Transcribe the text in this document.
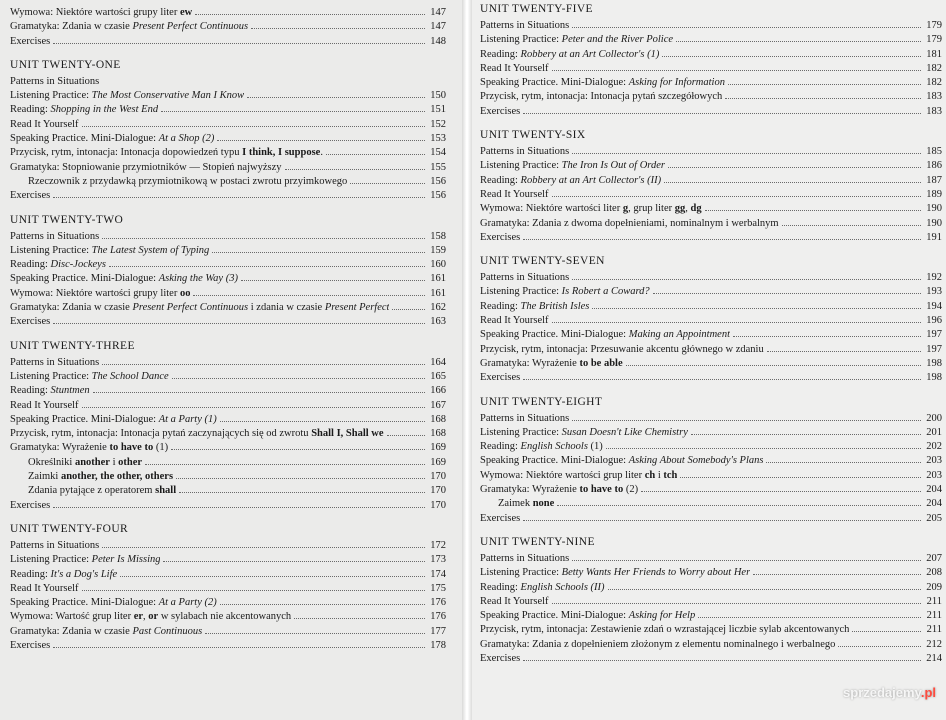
Wymowa: Niektóre wartości grupy liter ew	147
Gramatyka: Zdania w czasie Present Perfect Continuous	147
Exercises	148
UNIT TWENTY-ONE
Patterns in Situations
Listening Practice: The Most Conservative Man I Know	150
Reading: Shopping in the West End	151
Read It Yourself	152
Speaking Practice. Mini-Dialogue: At a Shop (2)	153
Przycisk, rytm, intonacja: Intonacja dopowiedzeń typu I think, I suppose.	154
Gramatyka: Stopniowanie przymiotników — Stopień najwyższy	155
Rzeczownik z przydawką przymiotnikową w postaci zwrotu przyimkowego	156
Exercises	156
UNIT TWENTY-TWO
Patterns in Situations	158
Listening Practice: The Latest System of Typing	159
Reading: Disc-Jockeys	160
Speaking Practice. Mini-Dialogue: Asking the Way (3)	161
Wymowa: Niektóre wartości grupy liter oo	161
Gramatyka: Zdania w czasie Present Perfect Continuous i zdania w czasie Present Perfect	162
Exercises	163
UNIT TWENTY-THREE
Patterns in Situations	164
Listening Practice: The School Dance	165
Reading: Stuntmen	166
Read It Yourself	167
Speaking Practice. Mini-Dialogue: At a Party (1)	168
Przycisk, rytm, intonacja: Intonacja pytań zaczynających się od zwrotu Shall I, Shall we	168
Gramatyka: Wyrażenie to have to (1)	169
Określniki another i other	169
Zaimki another, the other, others	170
Zdania pytające z operatorem shall	170
Exercises	170
UNIT TWENTY-FOUR
Patterns in Situations	172
Listening Practice: Peter Is Missing	173
Reading: It's a Dog's Life	174
Read It Yourself	175
Speaking Practice. Mini-Dialogue: At a Party (2)	176
Wymowa: Wartość grup liter er, or w sylabach nie akcentowanych	176
Gramatyka: Zdania w czasie Past Continuous	177
Exercises	178
UNIT TWENTY-FIVE
Patterns in Situations	179
Listening Practice: Peter and the River Police	179
Reading: Robbery at an Art Collector's (1)	181
Read It Yourself	182
Speaking Practice. Mini-Dialogue: Asking for Information	182
Przycisk, rytm, intonacja: Intonacja pytań szczegółowych	183
Exercises	183
UNIT TWENTY-SIX
Patterns in Situations	185
Listening Practice: The Iron Is Out of Order	186
Reading: Robbery at an Art Collector's (II)	187
Read It Yourself	189
Wymowa: Niektóre wartości liter g, grup liter gg, dg	190
Gramatyka: Zdania z dwoma dopełnieniami, nominalnym i werbalnym	190
Exercises	191
UNIT TWENTY-SEVEN
Patterns in Situations	192
Listening Practice: Is Robert a Coward?	193
Reading: The British Isles	194
Read It Yourself	196
Speaking Practice. Mini-Dialogue: Making an Appointment	197
Przycisk, rytm, intonacja: Przesuwanie akcentu głównego w zdaniu	197
Gramatyka: Wyrażenie to be able	198
Exercises	198
UNIT TWENTY-EIGHT
Patterns in Situations	200
Listening Practice: Susan Doesn't Like Chemistry	201
Reading: English Schools (1)	202
Speaking Practice. Mini-Dialogue: Asking About Somebody's Plans	203
Wymowa: Niektóre wartości grup liter ch i tch	203
Gramatyka: Wyrażenie to have to (2)	204
Zaimek none	204
Exercises	205
UNIT TWENTY-NINE
Patterns in Situations	207
Listening Practice: Betty Wants Her Friends to Worry about Her	208
Reading: English Schools (II)	209
Read It Yourself	211
Speaking Practice. Mini-Dialogue: Asking for Help	211
Przycisk, rytm, intonacja: Zestawienie zdań o wzrastającej liczbie sylab akcentowanych	211
Gramatyka: Zdania z dopełnieniem złożonym z elementu nominalnego i werbalnego	212
Exercises	214
sprzedajemy.pl
